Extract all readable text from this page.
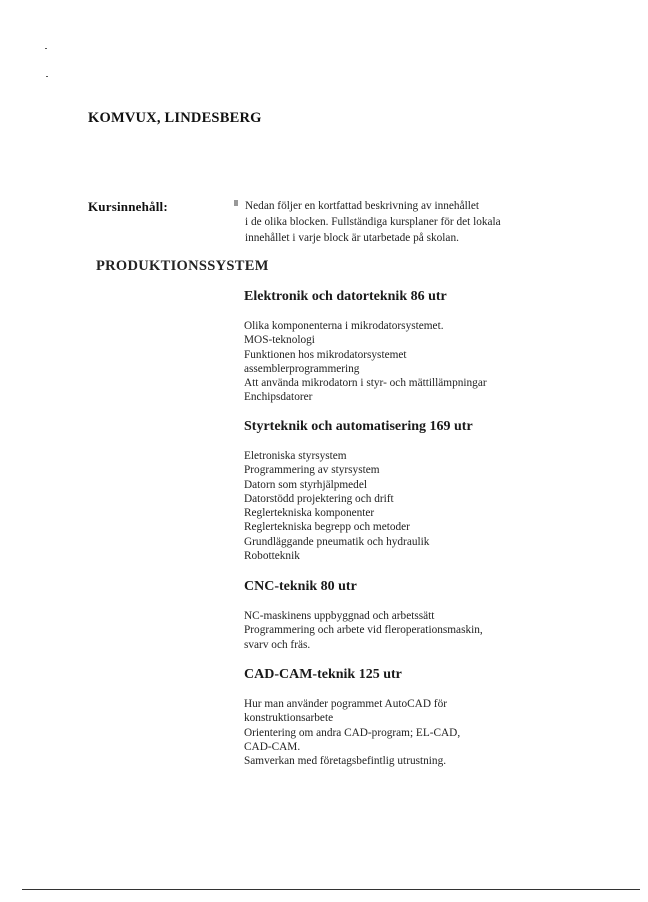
KOMVUX, LINDESBERG
Kursinnehåll:	Nedan följer en kortfattad beskrivning av innehållet
i de olika blocken. Fullständiga kursplaner för det lokala
innehållet i varje block är utarbetade på skolan.
PRODUKTIONSSYSTEM
Elektronik och datorteknik 86 utr
Olika komponenterna i mikrodatorsystemet.
MOS-teknologi
Funktionen hos mikrodatorsystemet
assemblerprogrammering
Att använda mikrodatorn i styr- och mättillämpningar
Enchipsdatorer
Styrteknik och automatisering 169 utr
Eletroniska styrsystem
Programmering av styrsystem
Datorn som styrhjälpmedel
Datorstödd projektering och drift
Reglertekniska komponenter
Reglertekniska begrepp och metoder
Grundläggande pneumatik och hydraulik
Robotteknik
CNC-teknik 80 utr
NC-maskinens uppbyggnad och arbetssätt
Programmering och arbete vid fleroperationsmaskin,
svarv och fräs.
CAD-CAM-teknik 125 utr
Hur man använder pogrammet AutoCAD för
konstruktionsarbete
Orientering om andra CAD-program; EL-CAD,
CAD-CAM.
Samverkan med företagsbefintlig utrustning.
